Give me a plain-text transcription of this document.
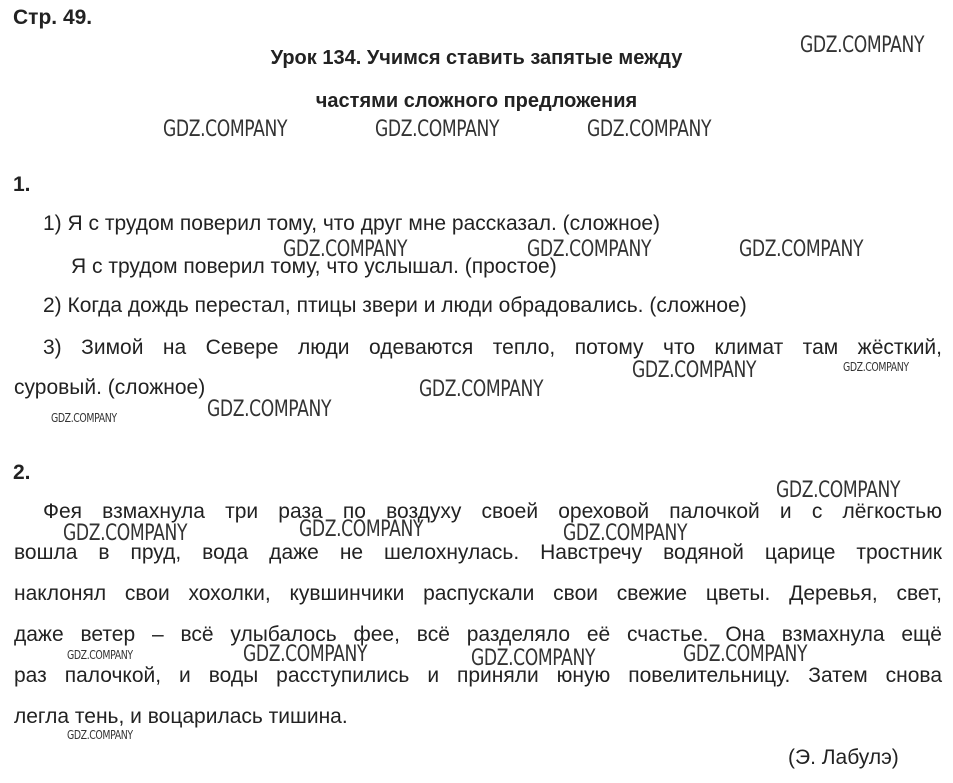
Стр. 49.
Урок 134. Учимся ставить запятые между
частями сложного предложения
1.
1) Я с трудом поверил тому, что друг мне рассказал. (сложное)
Я с трудом поверил тому, что услышал. (простое)
2) Когда дождь перестал, птицы звери и люди обрадовались. (сложное)
3) Зимой на Севере люди одеваются тепло, потому что климат там жёсткий,
суровый. (сложное)
2.
Фея взмахнула три раза по воздуху своей ореховой палочкой и с лёгкостью
вошла в пруд, вода даже не шелохнулась. Навстречу водяной царице тростник
наклонял свои хохолки, кувшинчики распускали свои свежие цветы. Деревья, свет,
даже ветер – всё улыбалось фее, всё разделяло её счастье. Она взмахнула ещё
раз палочкой, и воды расступились и приняли юную повелительницу. Затем снова
легла тень, и воцарилась тишина.
(Э. Лабулэ)
GDZ.COMPANY
GDZ.COMPANY	GDZ.COMPANY	GDZ.COMPANY
GDZ.COMPANY	GDZ.COMPANY	GDZ.COMPANY
GDZ.COMPANY	GDZ.COMPANY
GDZ.COMPANY
GDZ.COMPANY
GDZ.COMPANY
GDZ.COMPANY
GDZ.COMPANY
GDZ.COMPANY	GDZ.COMPANY
GDZ.COMPANY	GDZ.COMPANY	GDZ.COMPANY	GDZ.COMPANY
GDZ.COMPANY
